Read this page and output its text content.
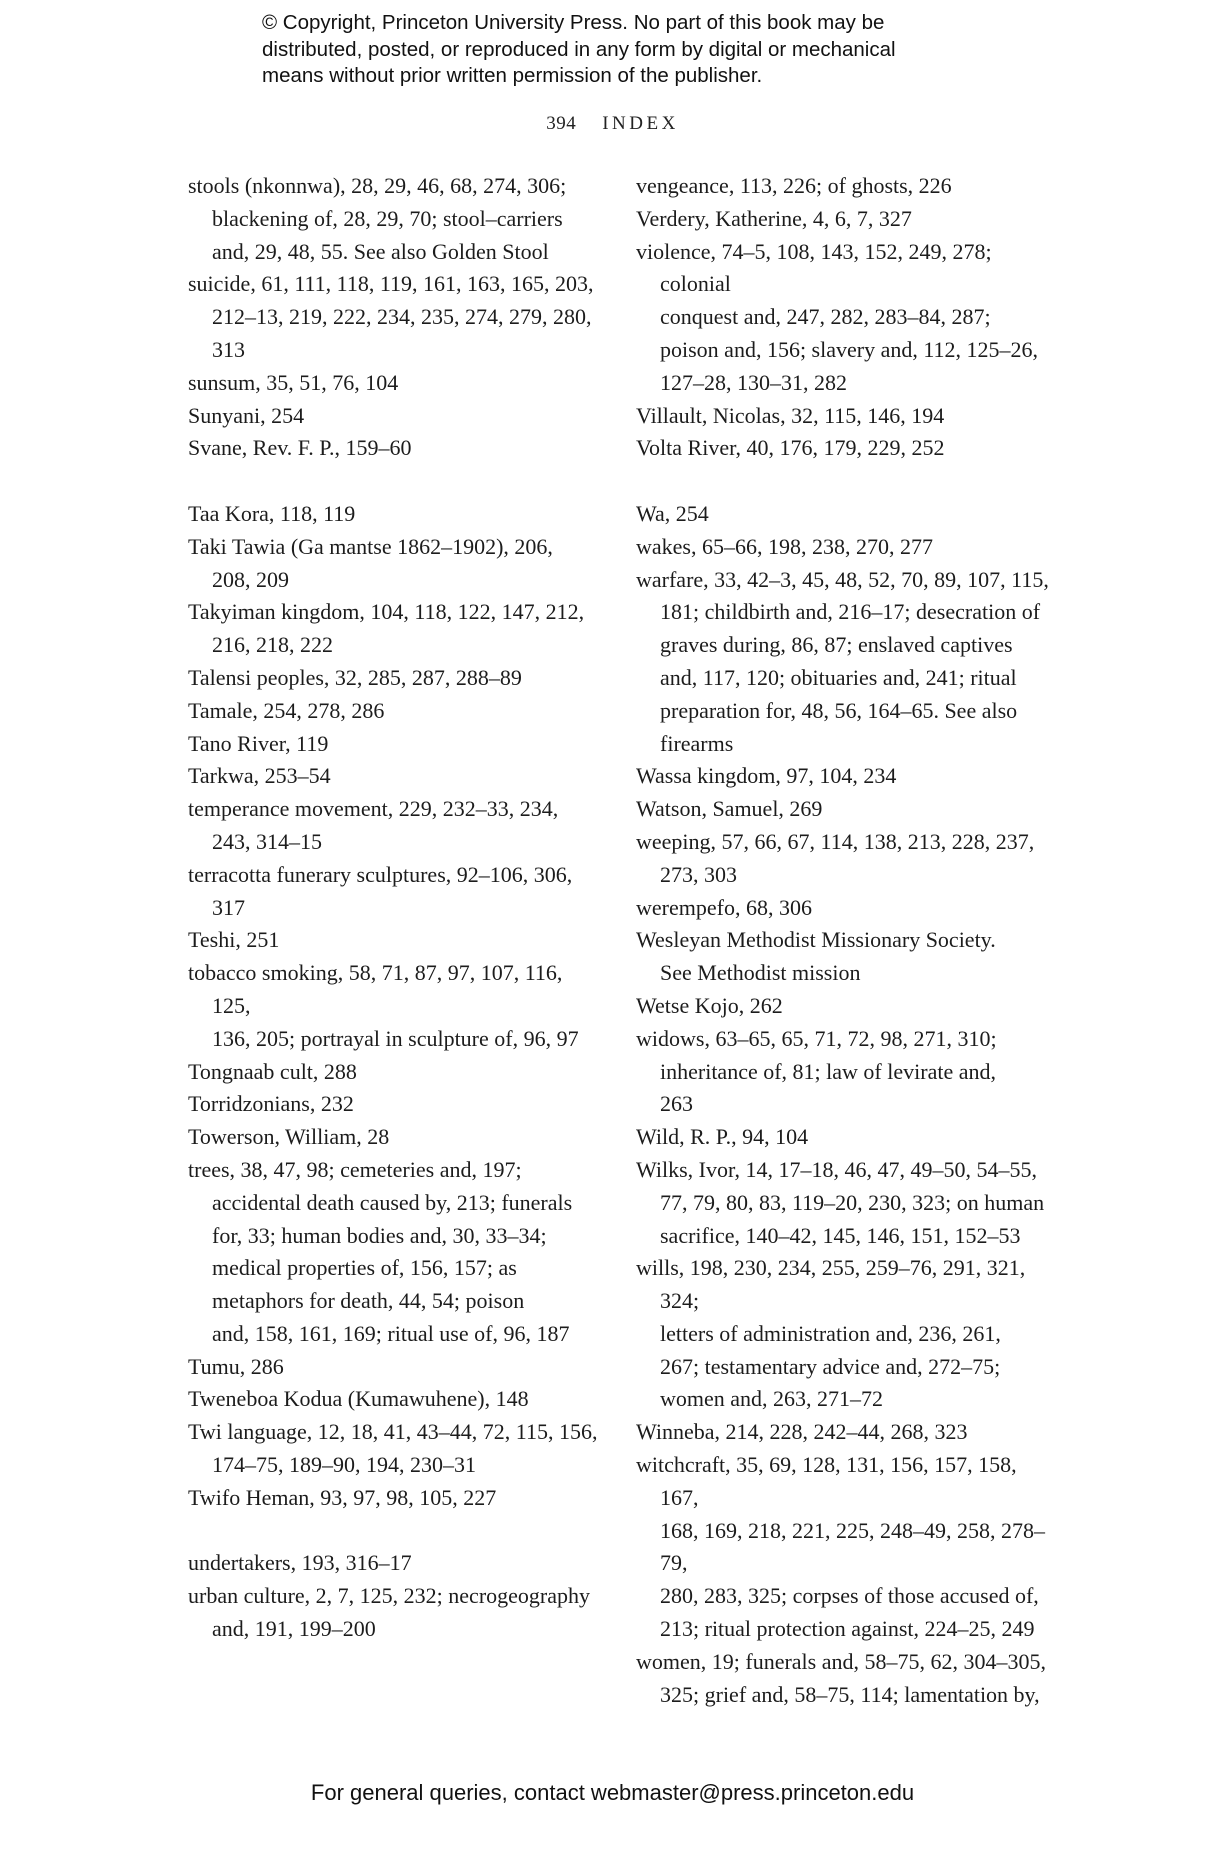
© Copyright, Princeton University Press. No part of this book may be
distributed, posted, or reproduced in any form by digital or mechanical
means without prior written permission of the publisher.
394 INDEX
stools (nkonnwa), 28, 29, 46, 68, 274, 306;
blackening of, 28, 29, 70; stool–carriers
and, 29, 48, 55. See also Golden Stool
suicide, 61, 111, 118, 119, 161, 163, 165, 203,
212–13, 219, 222, 234, 235, 274, 279, 280, 313
sunsum, 35, 51, 76, 104
Sunyani, 254
Svane, Rev. F. P., 159–60
Taa Kora, 118, 119
Taki Tawia (Ga mantse 1862–1902), 206,
208, 209
Takyiman kingdom, 104, 118, 122, 147, 212,
216, 218, 222
Talensi peoples, 32, 285, 287, 288–89
Tamale, 254, 278, 286
Tano River, 119
Tarkwa, 253–54
temperance movement, 229, 232–33, 234,
243, 314–15
terracotta funerary sculptures, 92–106, 306,
317
Teshi, 251
tobacco smoking, 58, 71, 87, 97, 107, 116, 125,
136, 205; portrayal in sculpture of, 96, 97
Tongnaab cult, 288
Torridzonians, 232
Towerson, William, 28
trees, 38, 47, 98; cemeteries and, 197;
accidental death caused by, 213; funerals
for, 33; human bodies and, 30, 33–34;
medical properties of, 156, 157; as
metaphors for death, 44, 54; poison
and, 158, 161, 169; ritual use of, 96, 187
Tumu, 286
Tweneboa Kodua (Kumawuhene), 148
Twi language, 12, 18, 41, 43–44, 72, 115, 156,
174–75, 189–90, 194, 230–31
Twifo Heman, 93, 97, 98, 105, 227
undertakers, 193, 316–17
urban culture, 2, 7, 125, 232; necrogeography
and, 191, 199–200
vengeance, 113, 226; of ghosts, 226
Verdery, Katherine, 4, 6, 7, 327
violence, 74–5, 108, 143, 152, 249, 278; colonial
conquest and, 247, 282, 283–84, 287;
poison and, 156; slavery and, 112, 125–26,
127–28, 130–31, 282
Villault, Nicolas, 32, 115, 146, 194
Volta River, 40, 176, 179, 229, 252
Wa, 254
wakes, 65–66, 198, 238, 270, 277
warfare, 33, 42–3, 45, 48, 52, 70, 89, 107, 115,
181; childbirth and, 216–17; desecration of
graves during, 86, 87; enslaved captives
and, 117, 120; obituaries and, 241; ritual
preparation for, 48, 56, 164–65. See also
firearms
Wassa kingdom, 97, 104, 234
Watson, Samuel, 269
weeping, 57, 66, 67, 114, 138, 213, 228, 237,
273, 303
werempefo, 68, 306
Wesleyan Methodist Missionary Society.
See Methodist mission
Wetse Kojo, 262
widows, 63–65, 65, 71, 72, 98, 271, 310;
inheritance of, 81; law of levirate and,
263
Wild, R. P., 94, 104
Wilks, Ivor, 14, 17–18, 46, 47, 49–50, 54–55,
77, 79, 80, 83, 119–20, 230, 323; on human
sacrifice, 140–42, 145, 146, 151, 152–53
wills, 198, 230, 234, 255, 259–76, 291, 321, 324;
letters of administration and, 236, 261,
267; testamentary advice and, 272–75;
women and, 263, 271–72
Winneba, 214, 228, 242–44, 268, 323
witchcraft, 35, 69, 128, 131, 156, 157, 158, 167,
168, 169, 218, 221, 225, 248–49, 258, 278–79,
280, 283, 325; corpses of those accused of,
213; ritual protection against, 224–25, 249
women, 19; funerals and, 58–75, 62, 304–305,
325; grief and, 58–75, 114; lamentation by,
For general queries, contact webmaster@press.princeton.edu
